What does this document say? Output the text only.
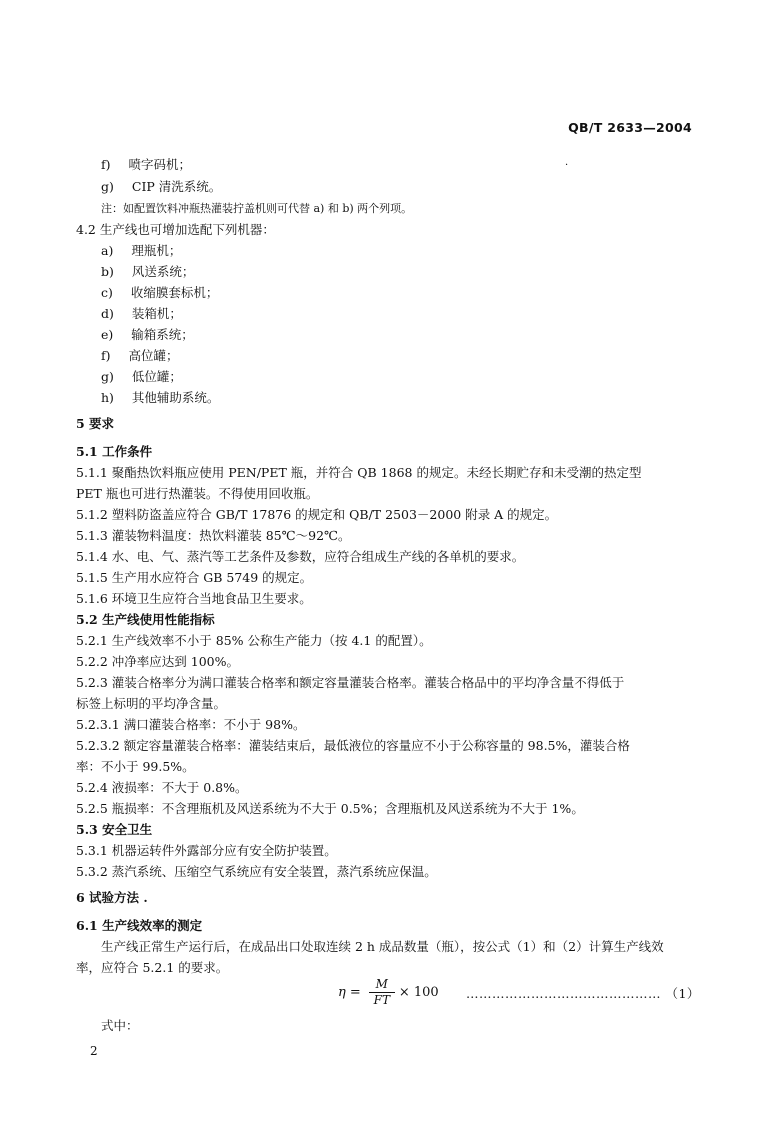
QB/T 2633—2004
·
f) 喷字码机；
g) CIP 清洗系统。
注：如配置饮料冲瓶热灌装拧盖机则可代替 a) 和 b) 两个列项。
4.2 生产线也可增加选配下列机器：
a) 理瓶机；
b) 风送系统；
c) 收缩膜套标机；
d) 装箱机；
e) 输箱系统；
f) 高位罐；
g) 低位罐；
h) 其他辅助系统。
5 要求
5.1 工作条件
5.1.1 聚酯热饮料瓶应使用 PEN/PET 瓶，并符合 QB 1868 的规定。未经长期贮存和未受潮的热定型
PET 瓶也可进行热灌装。不得使用回收瓶。
5.1.2 塑料防盗盖应符合 GB/T 17876 的规定和 QB/T 2503－2000 附录 A 的规定。
5.1.3 灌装物料温度：热饮料灌装 85℃～92℃。
5.1.4 水、电、气、蒸汽等工艺条件及参数，应符合组成生产线的各单机的要求。
5.1.5 生产用水应符合 GB 5749 的规定。
5.1.6 环境卫生应符合当地食品卫生要求。
5.2 生产线使用性能指标
5.2.1 生产线效率不小于 85% 公称生产能力（按 4.1 的配置）。
5.2.2 冲净率应达到 100%。
5.2.3 灌装合格率分为满口灌装合格率和额定容量灌装合格率。灌装合格品中的平均净含量不得低于
标签上标明的平均净含量。
5.2.3.1 满口灌装合格率：不小于 98%。
5.2.3.2 额定容量灌装合格率：灌装结束后，最低液位的容量应不小于公称容量的 98.5%，灌装合格
率：不小于 99.5%。
5.2.4 液损率：不大于 0.8%。
5.2.5 瓶损率：不含理瓶机及风送系统为不大于 0.5%；含理瓶机及风送系统为不大于 1%。
5.3 安全卫生
5.3.1 机器运转件外露部分应有安全防护装置。
5.3.2 蒸汽系统、压缩空气系统应有安全装置，蒸汽系统应保温。
6 试验方法 .
6.1 生产线效率的测定
生产线正常生产运行后，在成品出口处取连续 2 h 成品数量（瓶），按公式（1）和（2）计算生产线效
率，应符合 5.2.1 的要求。
$\eta = \frac{M}{FT} \times 100$ ……………………………………… （1）
式中：
2
